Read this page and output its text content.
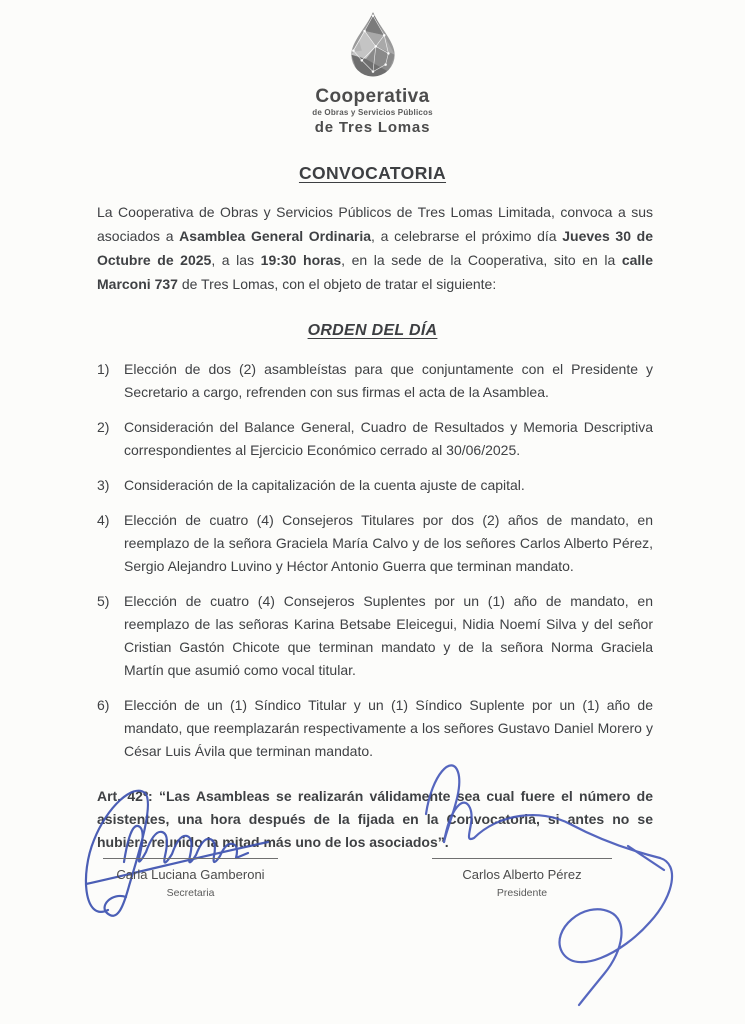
Cooperativa
de Obras y Servicios Públicos
de Tres Lomas
CONVOCATORIA

La Cooperativa de Obras y Servicios Públicos de Tres Lomas Limitada, convoca a sus asociados a Asamblea General Ordinaria, a celebrarse el próximo día Jueves 30 de Octubre de 2025, a las 19:30 horas, en la sede de la Cooperativa, sito en la calle Marconi 737 de Tres Lomas, con el objeto de tratar el siguiente:

ORDEN DEL DÍA
1)	Elección de dos (2) asambleístas para que conjuntamente con el Presidente y Secretario a cargo, refrenden con sus firmas el acta de la Asamblea.
2)	Consideración del Balance General, Cuadro de Resultados y Memoria Descriptiva correspondientes al Ejercicio Económico cerrado al 30/06/2025.
3)	Consideración de la capitalización de la cuenta ajuste de capital.
4)	Elección de cuatro (4) Consejeros Titulares por dos (2) años de mandato, en reemplazo de la señora Graciela María Calvo y de los señores Carlos Alberto Pérez, Sergio Alejandro Luvino y Héctor Antonio Guerra que terminan mandato.
5)	Elección de cuatro (4) Consejeros Suplentes por un (1) año de mandato, en reemplazo de las señoras Karina Betsabe Eleicegui, Nidia Noemí Silva y del señor Cristian Gastón Chicote que terminan mandato y de la señora Norma Graciela Martín que asumió como vocal titular.
6)	Elección de un (1) Síndico Titular y un (1) Síndico Suplente por un (1) año de mandato, que reemplazarán respectivamente a los señores Gustavo Daniel Morero y César Luis Ávila que terminan mandato.

Art. 42º: “Las Asambleas se realizarán válidamente sea cual fuere el número de asistentes, una hora después de la fijada en la Convocatoria, si antes no se hubiere reunido la mitad más uno de los asociados”.

Carla Luciana Gamberoni
Secretaria
Carlos Alberto Pérez
Presidente
